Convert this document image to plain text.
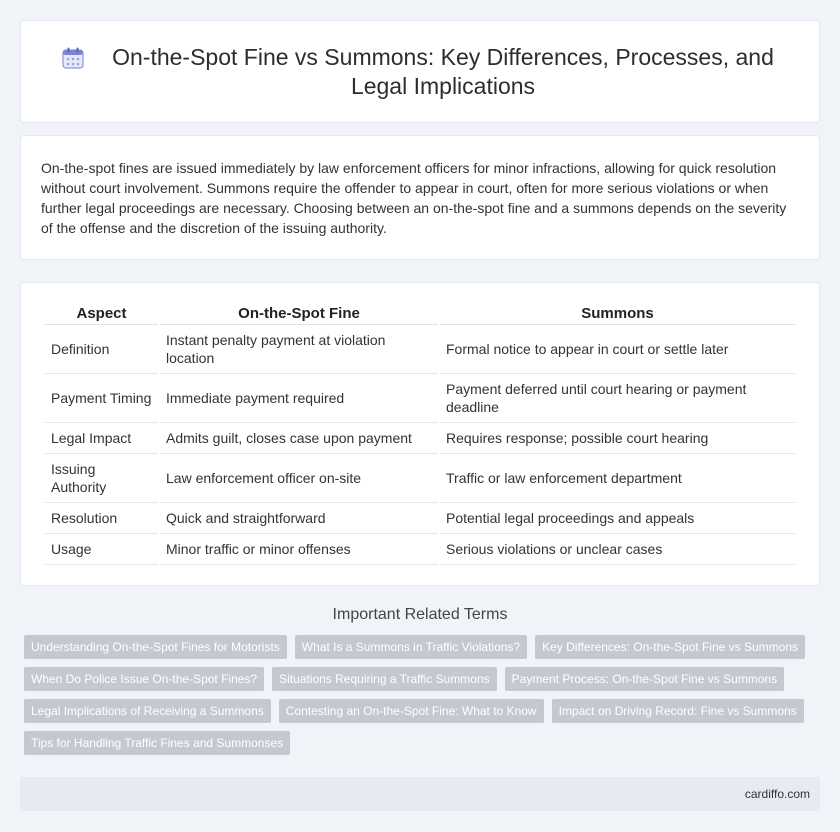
On-the-Spot Fine vs Summons: Key Differences, Processes, and Legal Implications

On-the-spot fines are issued immediately by law enforcement officers for minor infractions, allowing for quick resolution without court involvement. Summons require the offender to appear in court, often for more serious violations or when further legal proceedings are necessary. Choosing between an on-the-spot fine and a summons depends on the severity of the offense and the discretion of the issuing authority.

Aspect	On-the-Spot Fine	Summons
Definition	Instant penalty payment at violation location	Formal notice to appear in court or settle later
Payment Timing	Immediate payment required	Payment deferred until court hearing or payment deadline
Legal Impact	Admits guilt, closes case upon payment	Requires response; possible court hearing
Issuing Authority	Law enforcement officer on-site	Traffic or law enforcement department
Resolution	Quick and straightforward	Potential legal proceedings and appeals
Usage	Minor traffic or minor offenses	Serious violations or unclear cases
Important Related Terms
Understanding On-the-Spot Fines for Motorists	What Is a Summons in Traffic Violations?	Key Differences: On-the-Spot Fine vs Summons
When Do Police Issue On-the-Spot Fines?	Situations Requiring a Traffic Summons	Payment Process: On-the-Spot Fine vs Summons
Legal Implications of Receiving a Summons	Contesting an On-the-Spot Fine: What to Know	Impact on Driving Record: Fine vs Summons
Tips for Handling Traffic Fines and Summonses
cardiffo.com
